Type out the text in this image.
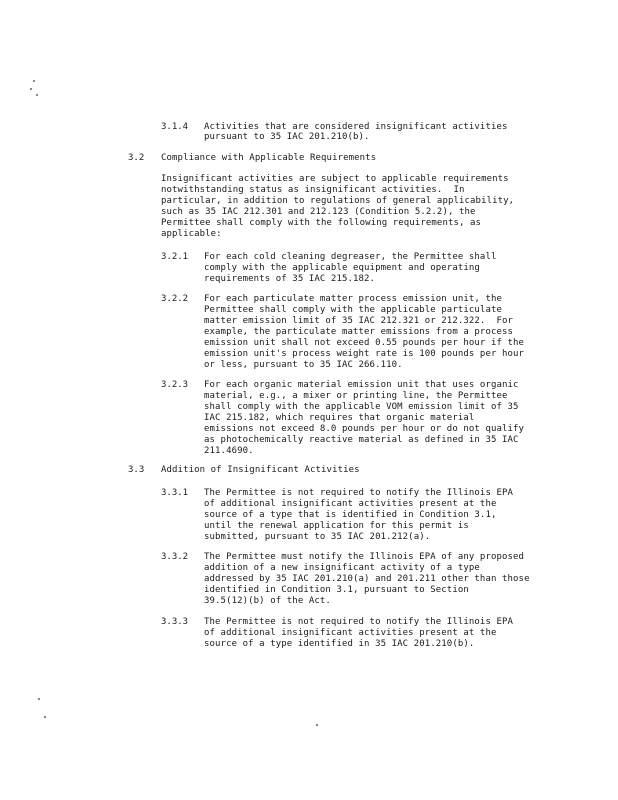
3.1.4 Activities that are considered insignificant activities
pursuant to 35 IAC 201.210(b).
3.2 Compliance with Applicable Requirements
Insignificant activities are subject to applicable requirements
notwithstanding status as insignificant activities.  In
particular, in addition to regulations of general applicability,
such as 35 IAC 212.301 and 212.123 (Condition 5.2.2), the
Permittee shall comply with the following requirements, as
applicable:
3.2.1 For each cold cleaning degreaser, the Permittee shall
comply with the applicable equipment and operating
requirements of 35 IAC 215.182.
3.2.2 For each particulate matter process emission unit, the
Permittee shall comply with the applicable particulate
matter emission limit of 35 IAC 212.321 or 212.322.  For
example, the particulate matter emissions from a process
emission unit shall not exceed 0.55 pounds per hour if the
emission unit's process weight rate is 100 pounds per hour
or less, pursuant to 35 IAC 266.110.
3.2.3 For each organic material emission unit that uses organic
material, e.g., a mixer or printing line, the Permittee
shall comply with the applicable VOM emission limit of 35
IAC 215.182, which requires that organic material
emissions not exceed 8.0 pounds per hour or do not qualify
as photochemically reactive material as defined in 35 IAC
211.4690.
3.3 Addition of Insignificant Activities
3.3.1 The Permittee is not required to notify the Illinois EPA
of additional insignificant activities present at the
source of a type that is identified in Condition 3.1,
until the renewal application for this permit is
submitted, pursuant to 35 IAC 201.212(a).
3.3.2 The Permittee must notify the Illinois EPA of any proposed
addition of a new insignificant activity of a type
addressed by 35 IAC 201.210(a) and 201.211 other than those
identified in Condition 3.1, pursuant to Section
39.5(12)(b) of the Act.
3.3.3 The Permittee is not required to notify the Illinois EPA
of additional insignificant activities present at the
source of a type identified in 35 IAC 201.210(b).
